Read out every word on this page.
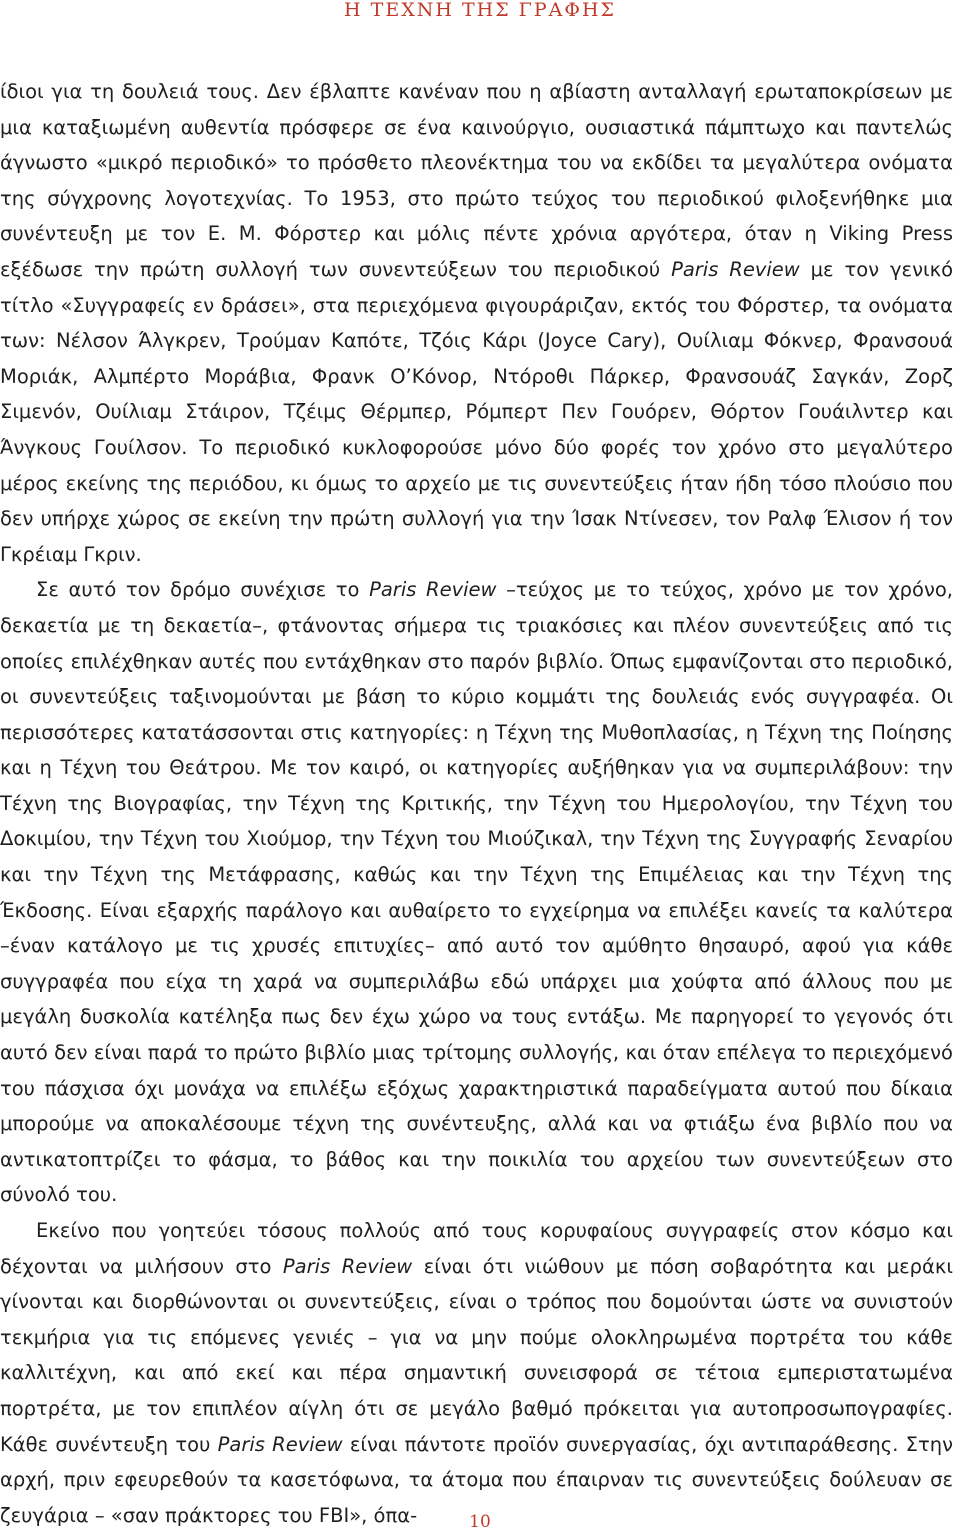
Η ΤΕΧΝΗ ΤΗΣ ΓΡΑΦΗΣ

ίδιοι για τη δουλειά τους. Δεν έβλαπτε κανέναν που η αβίαστη ανταλλαγή ερωταποκρίσεων με μια καταξιωμένη αυθεντία πρόσφερε σε ένα καινούργιο, ουσιαστικά πάμπτωχο και παντελώς άγνωστο «μικρό περιοδικό» το πρόσθετο πλεονέκτημα του να εκδίδει τα μεγαλύτερα ονόματα της σύγχρονης λογοτεχνίας. Το 1953, στο πρώτο τεύχος του περιοδικού φιλοξενήθηκε μια συνέντευξη με τον Ε. Μ. Φόρστερ και μόλις πέντε χρόνια αργότερα, όταν η Viking Press εξέδωσε την πρώτη συλλογή των συνεντεύξεων του περιοδικού Paris Review με τον γενικό τίτλο «Συγγραφείς εν δράσει», στα περιεχόμενα φιγουράριζαν, εκτός του Φόρστερ, τα ονόματα των: Νέλσον Άλγκρεν, Τρούμαν Καπότε, Τζόις Κάρι (Joyce Cary), Ουίλιαμ Φόκνερ, Φρανσουά Μοριάκ, Αλμπέρτο Μοράβια, Φρανκ Ο’Κόνορ, Ντόροθι Πάρκερ, Φρανσουάζ Σαγκάν, Ζορζ Σιμενόν, Ουίλιαμ Στάιρον, Τζέιμς Θέρμπερ, Ρόμπερτ Πεν Γουόρεν, Θόρτον Γουάιλντερ και Άνγκους Γουίλσον. Το περιοδικό κυκλοφορούσε μόνο δύο φορές τον χρόνο στο μεγαλύτερο μέρος εκείνης της περιόδου, κι όμως το αρχείο με τις συνεντεύξεις ήταν ήδη τόσο πλούσιο που δεν υπήρχε χώρος σε εκείνη την πρώτη συλλογή για την Ίσακ Ντίνεσεν, τον Ραλφ Έλισον ή τον Γκρέιαμ Γκριν.

Σε αυτό τον δρόμο συνέχισε το Paris Review –τεύχος με το τεύχος, χρόνο με τον χρόνο, δεκαετία με τη δεκαετία–, φτάνοντας σήμερα τις τριακόσιες και πλέον συνεντεύξεις από τις οποίες επιλέχθηκαν αυτές που εντάχθηκαν στο παρόν βιβλίο. Όπως εμφανίζονται στο περιοδικό, οι συνεντεύξεις ταξινομούνται με βάση το κύριο κομμάτι της δουλειάς ενός συγγραφέα. Οι περισσότερες κατατάσσονται στις κατηγορίες: η Τέχνη της Μυθοπλασίας, η Τέχνη της Ποίησης και η Τέχνη του Θεάτρου. Με τον καιρό, οι κατηγορίες αυξήθηκαν για να συμπεριλάβουν: την Τέχνη της Βιογραφίας, την Τέχνη της Κριτικής, την Τέχνη του Ημερολογίου, την Τέχνη του Δοκιμίου, την Τέχνη του Χιούμορ, την Τέχνη του Μιούζικαλ, την Τέχνη της Συγγραφής Σεναρίου και την Τέχνη της Μετάφρασης, καθώς και την Τέχνη της Επιμέλειας και την Τέχνη της Έκδοσης. Είναι εξαρχής παράλογο και αυθαίρετο το εγχείρημα να επιλέξει κανείς τα καλύτερα –έναν κατάλογο με τις χρυσές επιτυχίες– από αυτό τον αμύθητο θησαυρό, αφού για κάθε συγγραφέα που είχα τη χαρά να συμπεριλάβω εδώ υπάρχει μια χούφτα από άλλους που με μεγάλη δυσκολία κατέληξα πως δεν έχω χώρο να τους εντάξω. Με παρηγορεί το γεγονός ότι αυτό δεν είναι παρά το πρώτο βιβλίο μιας τρίτομης συλλογής, και όταν επέλεγα το περιεχόμενό του πάσχισα όχι μονάχα να επιλέξω εξόχως χαρακτηριστικά παραδείγματα αυτού που δίκαια μπορούμε να αποκαλέσουμε τέχνη της συνέντευξης, αλλά και να φτιάξω ένα βιβλίο που να αντικατοπτρίζει το φάσμα, το βάθος και την ποικιλία του αρχείου των συνεντεύξεων στο σύνολό του.

Εκείνο που γοητεύει τόσους πολλούς από τους κορυφαίους συγγραφείς στον κόσμο και δέχονται να μιλήσουν στο Paris Review είναι ότι νιώθουν με πόση σοβαρότητα και μεράκι γίνονται και διορθώνονται οι συνεντεύξεις, είναι ο τρόπος που δομούνται ώστε να συνιστούν τεκμήρια για τις επόμενες γενιές – για να μην πούμε ολοκληρωμένα πορτρέτα του κάθε καλλιτέχνη, και από εκεί και πέρα σημαντική συνεισφορά σε τέτοια εμπεριστατωμένα πορτρέτα, με τον επιπλέον αίγλη ότι σε μεγάλο βαθμό πρόκειται για αυτοπροσωπογραφίες. Κάθε συνέντευξη του Paris Review είναι πάντοτε προϊόν συνεργασίας, όχι αντιπαράθεσης. Στην αρχή, πριν εφευρεθούν τα κασετόφωνα, τα άτομα που έπαιρναν τις συνεντεύξεις δούλευαν σε ζευγάρια – «σαν πράκτορες του FBI», όπα-	10
